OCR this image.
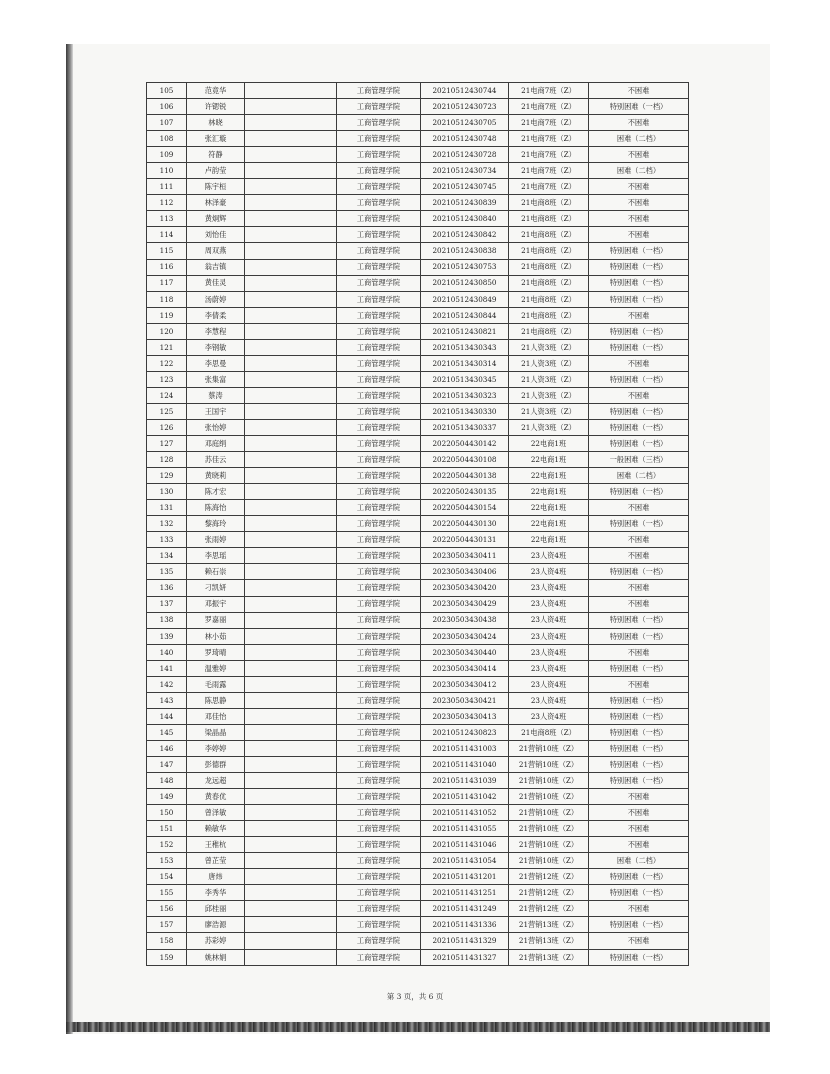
105	范竟华		工商管理学院	20210512430744	21电商7班（Z）	不困难
106	许锶锐		工商管理学院	20210512430723	21电商7班（Z）	特别困难（一档）
107	林晓		工商管理学院	20210512430705	21电商7班（Z）	不困难
108	张汇璇		工商管理学院	20210512430748	21电商7班（Z）	困难（二档）
109	符静		工商管理学院	20210512430728	21电商7班（Z）	不困难
110	卢韵莹		工商管理学院	20210512430734	21电商7班（Z）	困难（二档）
111	陈宇桓		工商管理学院	20210512430745	21电商7班（Z）	不困难
112	林泽豪		工商管理学院	20210512430839	21电商8班（Z）	不困难
113	黄炯辉		工商管理学院	20210512430840	21电商8班（Z）	不困难
114	刘怡佳		工商管理学院	20210512430842	21电商8班（Z）	不困难
115	周双燕		工商管理学院	20210512430838	21电商8班（Z）	特别困难（一档）
116	翁吉镇		工商管理学院	20210512430753	21电商8班（Z）	特别困难（一档）
117	黄佳灵		工商管理学院	20210512430850	21电商8班（Z）	特别困难（一档）
118	汤蔚婷		工商管理学院	20210512430849	21电商8班（Z）	特别困难（一档）
119	李倩柔		工商管理学院	20210512430844	21电商8班（Z）	不困难
120	李慧程		工商管理学院	20210512430821	21电商8班（Z）	特别困难（一档）
121	李钢敏		工商管理学院	20210513430343	21人资3班（Z）	特别困难（一档）
122	李思曼		工商管理学院	20210513430314	21人资3班（Z）	不困难
123	张集富		工商管理学院	20210513430345	21人资3班（Z）	特别困难（一档）
124	蔡涛		工商管理学院	20210513430323	21人资3班（Z）	不困难
125	王国宇		工商管理学院	20210513430330	21人资3班（Z）	特别困难（一档）
126	张怡婷		工商管理学院	20210513430337	21人资3班（Z）	特别困难（一档）
127	邓庭绢		工商管理学院	20220504430142	22电商1班	特别困难（一档）
128	苏佳云		工商管理学院	20220504430108	22电商1班	一般困难（三档）
129	黄晓莉		工商管理学院	20220504430138	22电商1班	困难（二档）
130	陈才宏		工商管理学院	20220502430135	22电商1班	特别困难（一档）
131	陈海怡		工商管理学院	20220504430154	22电商1班	不困难
132	黎海玲		工商管理学院	20220504430130	22电商1班	特别困难（一档）
133	张雨婷		工商管理学院	20220504430131	22电商1班	不困难
134	李思瑶		工商管理学院	20230503430411	23人资4班	不困难
135	赖石崇		工商管理学院	20230503430406	23人资4班	特别困难（一档）
136	刁凯妍		工商管理学院	20230503430420	23人资4班	不困难
137	邓振宇		工商管理学院	20230503430429	23人资4班	不困难
138	罗嘉丽		工商管理学院	20230503430438	23人资4班	特别困难（一档）
139	林小茹		工商管理学院	20230503430424	23人资4班	特别困难（一档）
140	罗琦晴		工商管理学院	20230503430440	23人资4班	不困难
141	温雅婷		工商管理学院	20230503430414	23人资4班	特别困难（一档）
142	毛雨露		工商管理学院	20230503430412	23人资4班	不困难
143	陈思静		工商管理学院	20230503430421	23人资4班	特别困难（一档）
144	邓佳怡		工商管理学院	20230503430413	23人资4班	特别困难（一档）
145	梁晶晶		工商管理学院	20210512430823	21电商8班（Z）	特别困难（一档）
146	李婷婷		工商管理学院	20210511431003	21营销10班（Z）	特别困难（一档）
147	彭德群		工商管理学院	20210511431040	21营销10班（Z）	特别困难（一档）
148	龙远超		工商管理学院	20210511431039	21营销10班（Z）	特别困难（一档）
149	黄春优		工商管理学院	20210511431042	21营销10班（Z）	不困难
150	曾泽敏		工商管理学院	20210511431052	21营销10班（Z）	不困难
151	赖敏华		工商管理学院	20210511431055	21营销10班（Z）	不困难
152	王稚杭		工商管理学院	20210511431046	21营销10班（Z）	不困难
153	曾芷莹		工商管理学院	20210511431054	21营销10班（Z）	困难（二档）
154	唐炜		工商管理学院	20210511431201	21营销12班（Z）	特别困难（一档）
155	李秀华		工商管理学院	20210511431251	21营销12班（Z）	特别困难（一档）
156	邱桂丽		工商管理学院	20210511431249	21营销12班（Z）	不困难
157	廖浩源		工商管理学院	20210511431336	21营销13班（Z）	特别困难（一档）
158	苏彩婷		工商管理学院	20210511431329	21营销13班（Z）	不困难
159	姚林娟		工商管理学院	20210511431327	21营销13班（Z）	特别困难（一档）
第 3 页，共 6 页
